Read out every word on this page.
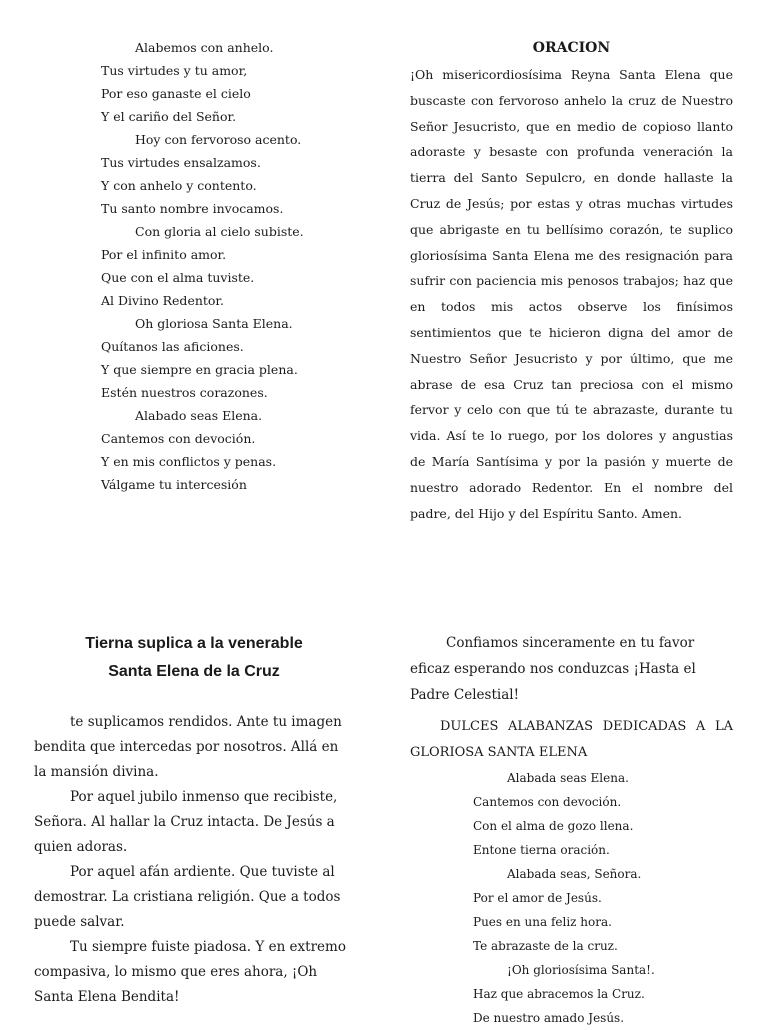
Alabemos con anhelo.
Tus virtudes y tu amor,
Por eso ganaste el cielo
Y el cariño del Señor.
Hoy con fervoroso acento.
Tus virtudes ensalzamos.
Y con anhelo y contento.
Tu santo nombre invocamos.
Con gloria al cielo subiste.
Por el infinito amor.
Que con el alma tuviste.
Al Divino Redentor.
Oh gloriosa Santa Elena.
Quítanos las aficiones.
Y que siempre en gracia plena.
Estén nuestros corazones.
Alabado seas Elena.
Cantemos con devoción.
Y en mis conflictos y penas.
Válgame tu intercesión
ORACION
¡Oh misericordiosísima Reyna Santa Elena que buscaste con fervoroso anhelo la cruz de Nuestro Señor Jesucristo, que en medio de copioso llanto adoraste y besaste con profunda veneración la tierra del Santo Sepulcro, en donde hallaste la Cruz de Jesús; por estas y otras muchas virtudes que abrigaste en tu bellísimo corazón, te suplico gloriosísima Santa Elena me des resignación para sufrir con paciencia mis penosos trabajos; haz que en todos mis actos observe los finísimos sentimientos que te hicieron digna del amor de Nuestro Señor Jesucristo y por último, que me abrase de esa Cruz tan preciosa con el mismo fervor y celo con que tú te abrazaste, durante tu vida. Así te lo ruego, por los dolores y angustias de María Santísima y por la pasión y muerte de nuestro adorado Redentor. En el nombre del padre, del Hijo y del Espíritu Santo. Amen.
Tierna suplica a la venerable
Santa Elena de la Cruz

te suplicamos rendidos. Ante tu imagen bendita que intercedas por nosotros. Allá en la mansión divina.

Por aquel jubilo inmenso que recibiste, Señora. Al hallar la Cruz intacta. De Jesús a quien adoras.

Por aquel afán ardiente. Que tuviste al demostrar. La cristiana religión. Que a todos puede salvar.

Tu siempre fuiste piadosa. Y en extremo compasiva, lo mismo que eres ahora, ¡Oh Santa Elena Bendita!

Confiamos sinceramente en tu favor eficaz esperando nos conduzcas ¡Hasta el Padre Celestial!

DULCES ALABANZAS DEDICADAS A LA GLORIOSA SANTA ELENA

Alabada seas Elena.
Cantemos con devoción.
Con el alma de gozo llena.
Entone tierna oración.
Alabada seas, Señora.
Por el amor de Jesús.
Pues en una feliz hora.
Te abrazaste de la cruz.
¡Oh gloriosísima Santa!.
Haz que abracemos la Cruz.
De nuestro amado Jesús.
